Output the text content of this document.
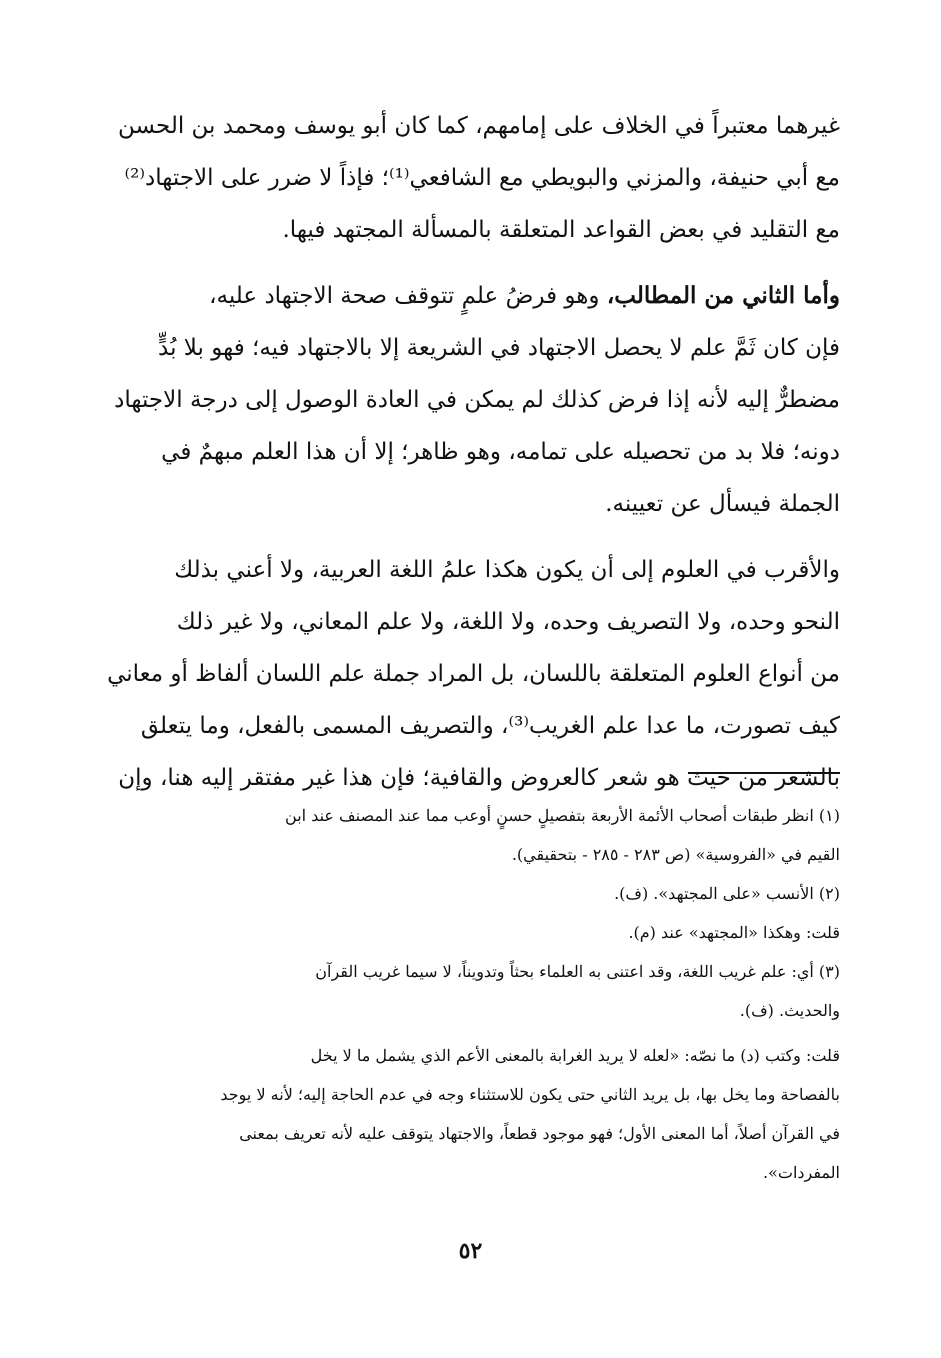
غيرهما معتبراً في الخلاف على إمامهم، كما كان أبو يوسف ومحمد بن الحسن
مع أبي حنيفة، والمزني والبويطي مع الشافعي⁽¹⁾؛ فإذاً لا ضرر على الاجتهاد⁽²⁾
مع التقليد في بعض القواعد المتعلقة بالمسألة المجتهد فيها.
وأما الثاني من المطالب، وهو فرضُ علمٍ تتوقف صحة الاجتهاد عليه،
فإن كان ثَمَّ علم لا يحصل الاجتهاد في الشريعة إلا بالاجتهاد فيه؛ فهو بلا بُدٍّ
مضطرٌّ إليه لأنه إذا فرض كذلك لم يمكن في العادة الوصول إلى درجة الاجتهاد
دونه؛ فلا بد من تحصيله على تمامه، وهو ظاهر؛ إلا أن هذا العلم مبهمٌ في
الجملة فيسأل عن تعيينه.
والأقرب في العلوم إلى أن يكون هكذا علمُ اللغة العربية، ولا أعني بذلك
النحو وحده، ولا التصريف وحده، ولا اللغة، ولا علم المعاني، ولا غير ذلك
من أنواع العلوم المتعلقة باللسان، بل المراد جملة علم اللسان ألفاظ أو معاني
كيف تصورت، ما عدا علم الغريب⁽³⁾، والتصريف المسمى بالفعل، وما يتعلق
بالشعر من حيث هو شعر كالعروض والقافية؛ فإن هذا غير مفتقر إليه هنا، وإن
(١) انظر طبقات أصحاب الأئمة الأربعة بتفصيلٍ حسنٍ أوعب مما عند المصنف عند ابن
القيم في «الفروسية» (ص ٢٨٣ - ٢٨٥ - بتحقيقي).
(٢) الأنسب «على المجتهد». (ف).
قلت: وهكذا «المجتهد» عند (م).
(٣) أي: علم غريب اللغة، وقد اعتنى به العلماء بحثاً وتدويناً، لا سيما غريب القرآن
والحديث. (ف).
قلت: وكتب (د) ما نصّه: «لعله لا يريد الغرابة بالمعنى الأعم الذي يشمل ما لا يخل
بالفصاحة وما يخل بها، بل يريد الثاني حتى يكون للاستثناء وجه في عدم الحاجة إليه؛ لأنه لا يوجد
في القرآن أصلاً، أما المعنى الأول؛ فهو موجود قطعاً، والاجتهاد يتوقف عليه لأنه تعريف بمعنى
المفردات».
٥٢
